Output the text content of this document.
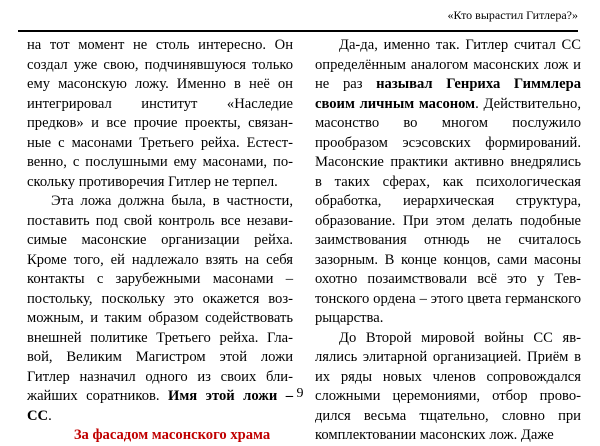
«Кто вырастил Гитлера?»

на тот момент не столь интересно. Он создал уже свою, подчинявшуюся только ему масонскую ложу. Именно в неё он интегрировал институт «Наследие предков» и все прочие проекты, связанные с масонами Третьего рейха. Естественно, с послушными ему масонами, поскольку противоречия Гитлер не терпел.

Эта ложа должна была, в частности, поставить под свой контроль все независимые масонские организации рейха. Кроме того, ей надлежало взять на себя контакты с зарубежными масонами – постольку, поскольку это окажется возможным, и таким образом содействовать внешней политике Третьего рейха. Главой, Великим Магистром этой ложи Гитлер назначил одного из своих ближайших соратников. Имя этой ложи – СС.

За фасадом масонского храма

Да-да, именно так. Гитлер считал СС определённым аналогом масонских лож и не раз называл Генриха Гиммлера своим личным масоном. Действительно, масонство во многом послужило прообразом эсэсовских формирований. Масонские практики активно внедрялись в таких сферах, как психологическая обработка, иерархическая структура, образование. При этом делать подобные заимствования отнюдь не считалось зазорным. В конце концов, сами масоны охотно позаимствовали всё это у Тевтонского ордена – этого цвета германского рыцарства.

До Второй мировой войны СС являлись элитарной организацией. Приём в их ряды новых членов сопровождался сложными церемониями, отбор проводился весьма тщательно, словно при комплектовании масонских лож. Даже

9
